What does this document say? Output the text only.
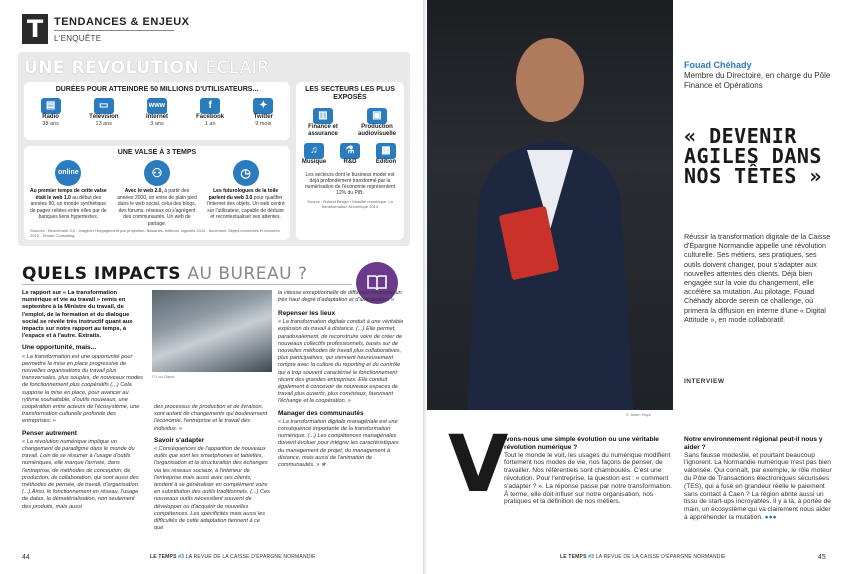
T TENDANCES & ENJEUX
L'ENQUÊTE
UNE RÉVOLUTION ÉCLAIR
DURÉES POUR ATTEINDRE 50 MILLIONS D'UTILISATEURS...
▤
Radio
38 ans
▭
Télévision
13 ans
www
Internet
3 ans
f
Facebook
1 an
✦
Twitter
9 mois
UNE VALSE À 3 TEMPS
online
Au premier temps de cette valse était le web 1.0 au début des années 90, un monde synthétique de pages reliées entre elles par de banques liens hypertextes.
⚇
Avec le web 2.0, à partir des années 2000, on entre de plain pied dans le web social, celui des blogs, des forums, réseaux où s'agrègent des communautés. Un web de partage.
◷
Les futurologues de la toile parlent du web 3.0 pour qualifier l'internet des objets. Un web centré sur l'utilisateur, capable de déduire et recontextualiser ses attentes.
Sources : Benchmark 3.0 - Imaginer l'engagement par projection. Bassines, éditions, logiciels 2015 - Accenture Objets connectés et données 2015 - Tehnet Consulting.
LES SECTEURS LES PLUS EXPOSÉS
▥
Finance et assurance
▣
Production audiovisuelle
♫
Musique
⚗
R&D
▦
Édition
Les secteurs dont le business model est déjà profondément transformé par la numérisation de l'économie représentent 12% du PIB.
Source : Roland Berger / Mobilité numérique, La transformation Numérique 2014
QUELS IMPACTS AU BUREAU ?

Le rapport sur « La transformation numérique et vie au travail » remis en septembre à la Ministre du travail, de l'emploi, de la formation et du dialogue social se révèle très instructif quant aux impacts sur notre rapport au temps, à l'espace et à l'autre. Extraits.

Une opportunité, mais...

« La transformation est une opportunité pour permettre la mise en place progressive de nouvelles organisations du travail plus transversales, plus souples, de nouveaux modes de fonctionnement plus coopératifs (...) Cela suppose la mise en place, pour avancer au rythme souhaitable, d'outils nouveaux, une coopération entre acteurs de l'écosystème, une transformation culturelle profonde des entreprises. »

Penser autrement

« La révolution numérique implique un changement de paradigme dans le monde du travail. Loin de se résumer à l'usage d'outils numériques, elle marque l'arrivée, dans l'entreprise, de méthodes de conception, de production, de collaboration, qui sont aussi des méthodes de pensée, de travail, d'organisation. (...) Ainsi, le fonctionnement en réseau, l'usage de datas, la dématérialisation, non seulement des produits, mais aussi

© Lou Gayot

des processus de production et de livraison, sont autant de changements qui bouleversent l'économie, l'entreprise et le travail des individus. »

Savoir s'adapter

« Conséquences de l'apparition de nouveaux outils que sont les smartphones et tablettes, l'organisation et la structuration des échanges via les réseaux sociaux, à l'intérieur de l'entreprise mais aussi avec ses clients, tendent à se généraliser en complément voire en substitution des outils traditionnels. (...) Ces nouveaux outils nécessitent souvent de développer ou d'acquérir de nouvelles compétences. Les spécificités mais aussi les difficultés de cette adaptation tiennent à ce que

la vitesse exceptionnelle de diffusion nécessite un très haut degré d'adaptation et d'anticipation. »
Repenser les lieux

« La transformation digitale conduit à une véritable explosion du travail à distance. (...) Elle permet, paradoxalement, de reconstruire voire de créer de nouveaux collectifs professionnels, basés sur de nouvelles méthodes de travail plus collaboratives, plus participatives, qui viennent heureusement rompre avec la culture du reporting et du contrôle qui a trop souvent caractérisé le fonctionnement récent des grandes entreprises. Elle conduit également à concevoir de nouveaux espaces de travail plus ouverts, plus conviviaux, favorisant l'échange et la coopération. »

Manager des communautés

« La transformation digitale managériale est une conséquence importante de la transformation numérique. (...) Les compétences managériales doivent évoluer pour intégrer les caractéristiques du management de projet, du management à distance, mais aussi de l'animation de communautés. » ★

44	LE TEMPS #3 LA REVUE DE LA CAISSE D'ÉPARGNE NORMANDIE
© Julien Hays
Fouad Chéhady
Membre du Directoire, en charge du Pôle Finance et Opérations
« DEVENIR AGILES DANS NOS TÊTES »
Réussir la transformation digitale de la Caisse d'Épargne Normandie appelle une révolution culturelle. Ses métiers, ses pratiques, ses outils doivent changer, pour s'adapter aux nouvelles attentes des clients. Déjà bien engagée sur la voie du changement, elle accélère sa mutation. Au pilotage, Fouad Chéhady aborde serein ce challenge, où primera la diffusion en interne d'une « Digital Attitude », en mode collaboratif.
INTERVIEW
V

ivons-nous une simple évolution ou une véritable révolution numérique ?

Tout le monde le voit, les usages du numérique modifient fortement nos modes de vie, nos façons de penser, de travailler. Nos référentiels sont chamboulés. C'est une révolution. Pour l'entreprise, la question est : « comment s'adapter ? ». La réponse passe par notre transformation. À terme, elle doit influer sur notre organisation, nos pratiques et la définition de nos métiers.

Notre environnement régional peut-il nous y aider ?

Sans fausse modestie, et pourtant beaucoup l'ignorent. La Normandie numérique n'est pas bien valorisée. Qui connaît, par exemple, le rôle moteur du Pôle de Transactions électroniques sécurisées (TES), qui a fusé en grandeur réelle le paiement sans contact à Caen ? La région abrite aussi un tissu de start-ups incroyables. Il y a là, à portée de main, un écosystème qui va clairement nous aider à appréhender la mutation. ●●●

LE TEMPS #3 LA REVUE DE LA CAISSE D'ÉPARGNE NORMANDIE	45
